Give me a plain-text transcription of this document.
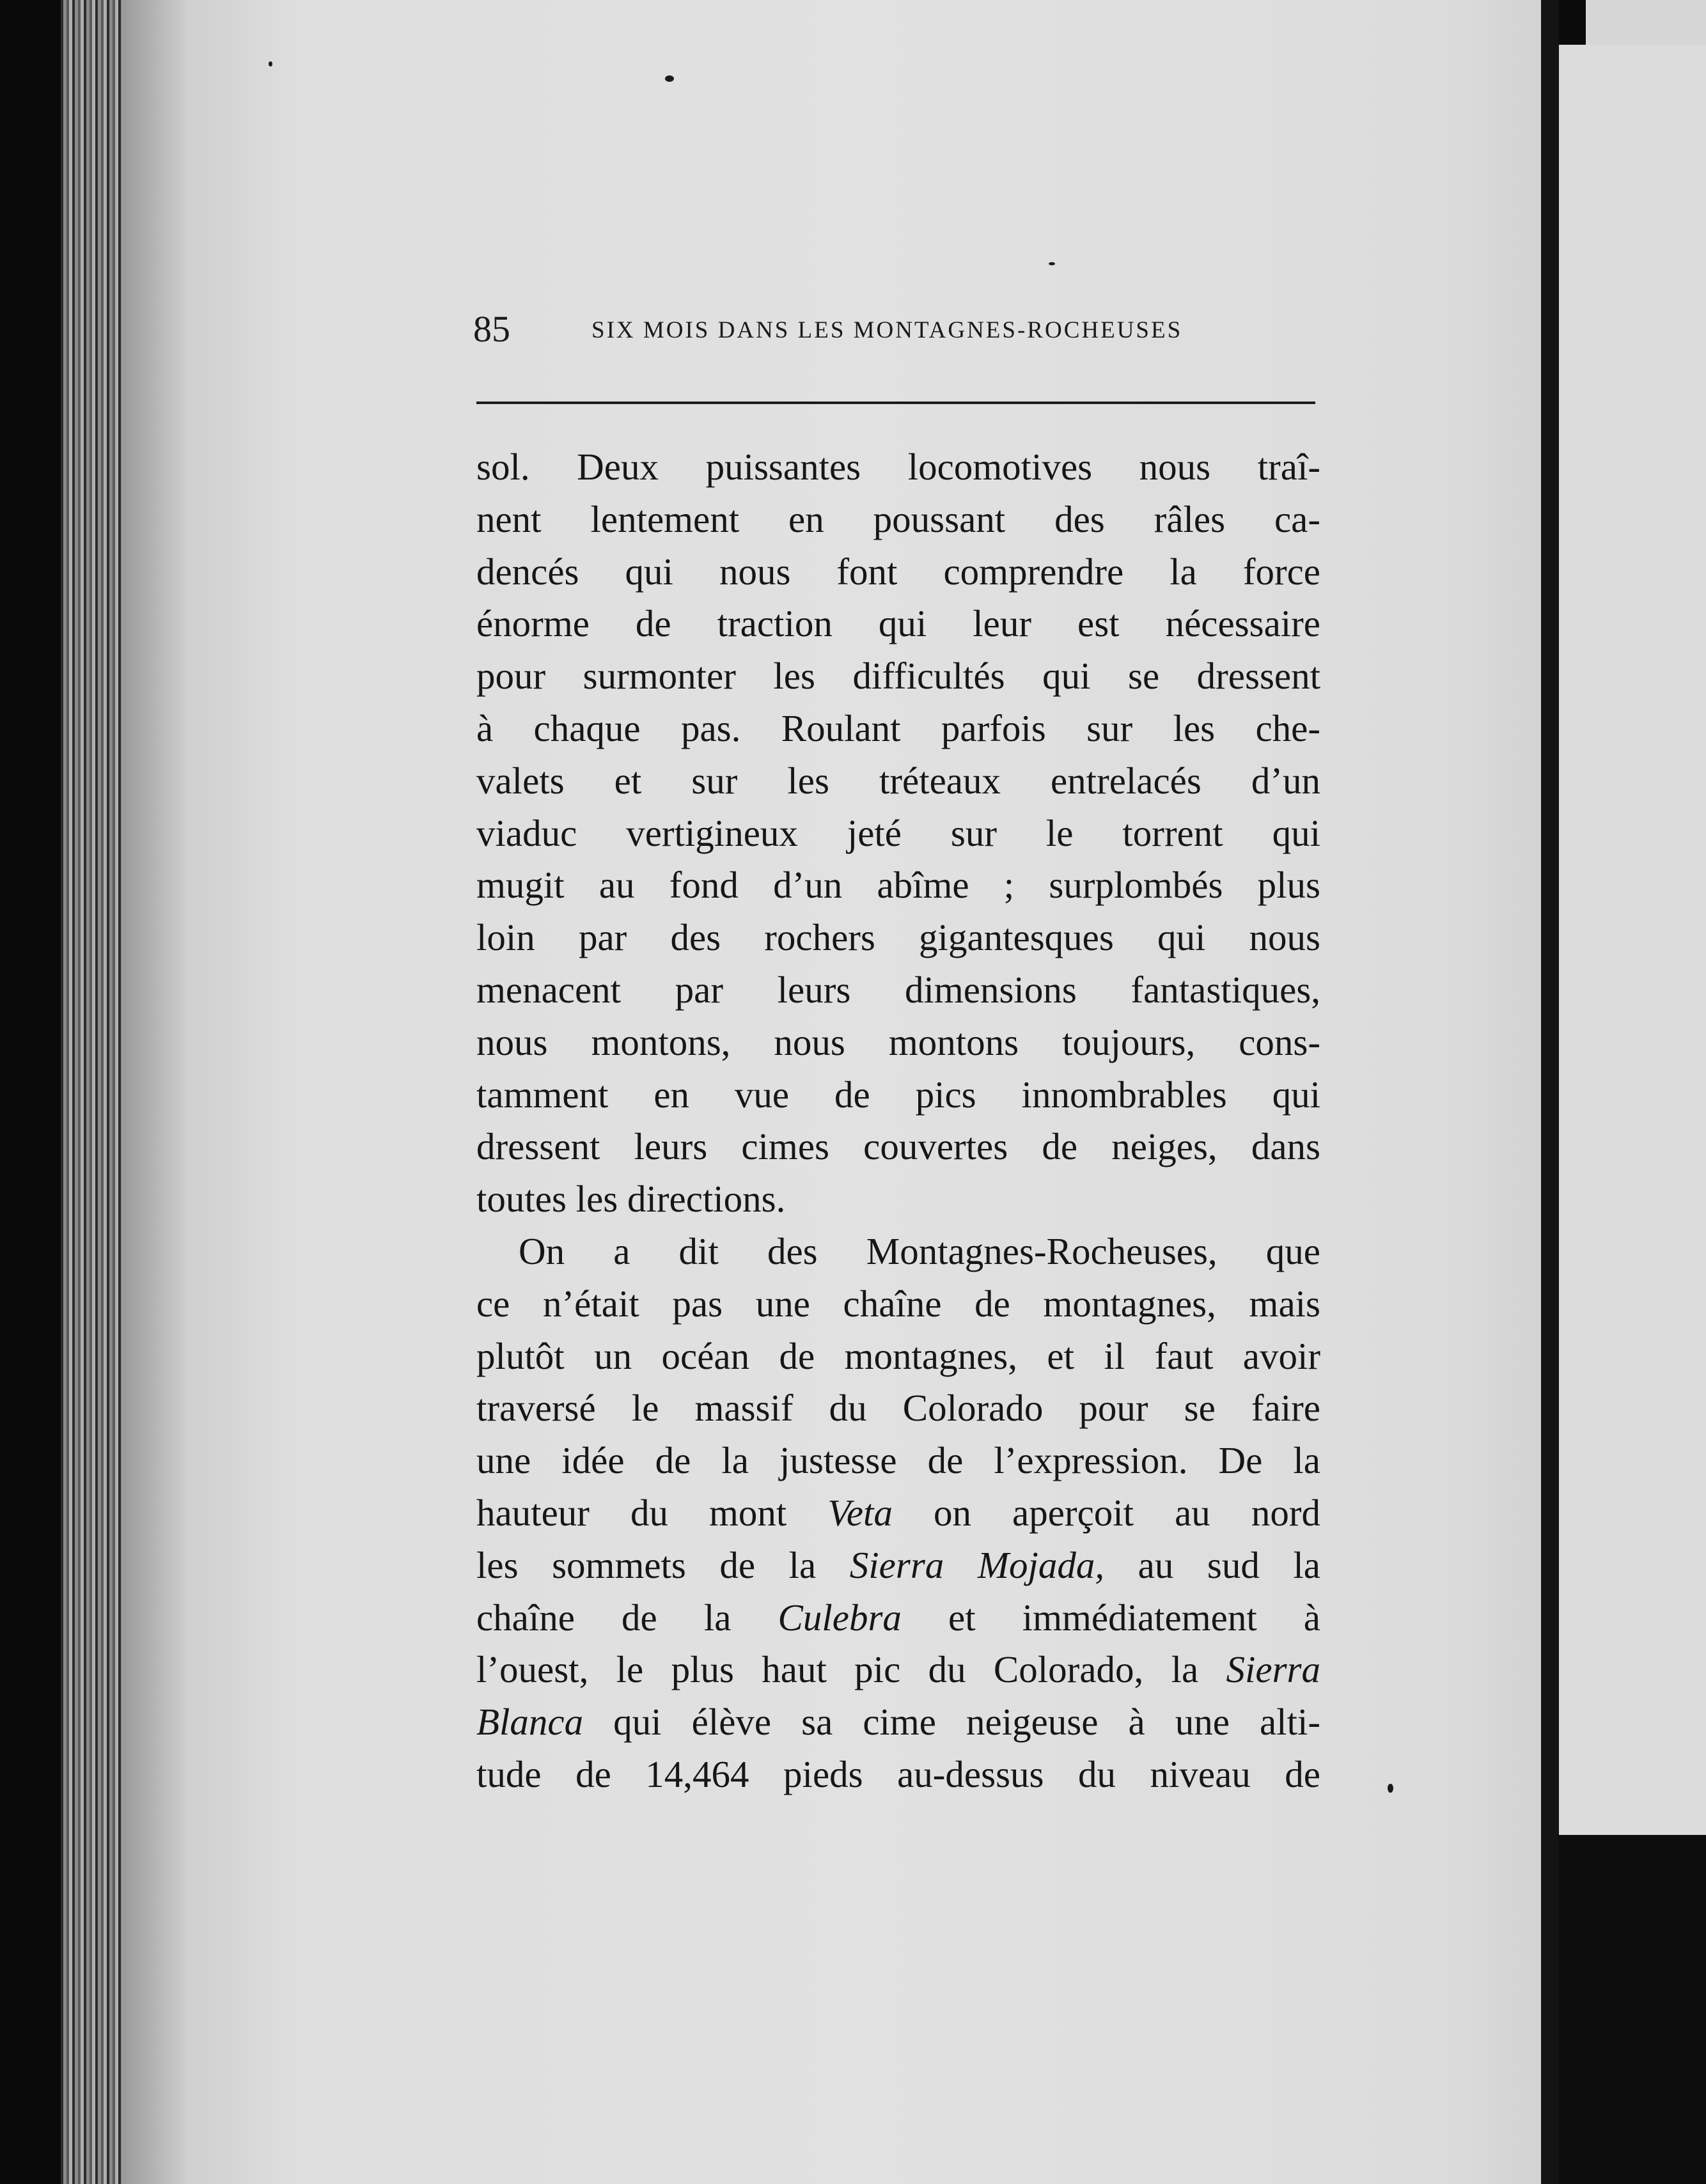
85	SIX MOIS DANS LES MONTAGNES-ROCHEUSES
sol. Deux puissantes locomotives nous traî-
nent lentement en poussant des râles ca-
dencés qui nous font comprendre la force
énorme de traction qui leur est nécessaire
pour surmonter les difficultés qui se dressent
à chaque pas. Roulant parfois sur les che-
valets et sur les tréteaux entrelacés d’un
viaduc vertigineux jeté sur le torrent qui
mugit au fond d’un abîme ; surplombés plus
loin par des rochers gigantesques qui nous
menacent par leurs dimensions fantastiques,
nous montons, nous montons toujours, cons-
tamment en vue de pics innombrables qui
dressent leurs cimes couvertes de neiges, dans
toutes les directions.
On a dit des Montagnes-Rocheuses, que
ce n’était pas une chaîne de montagnes, mais
plutôt un océan de montagnes, et il faut avoir
traversé le massif du Colorado pour se faire
une idée de la justesse de l’expression. De la
hauteur du mont Veta on aperçoit au nord
les sommets de la Sierra Mojada, au sud la
chaîne de la Culebra et immédiatement à
l’ouest, le plus haut pic du Colorado, la Sierra
Blanca qui élève sa cime neigeuse à une alti-
tude de 14,464 pieds au-dessus du niveau de
